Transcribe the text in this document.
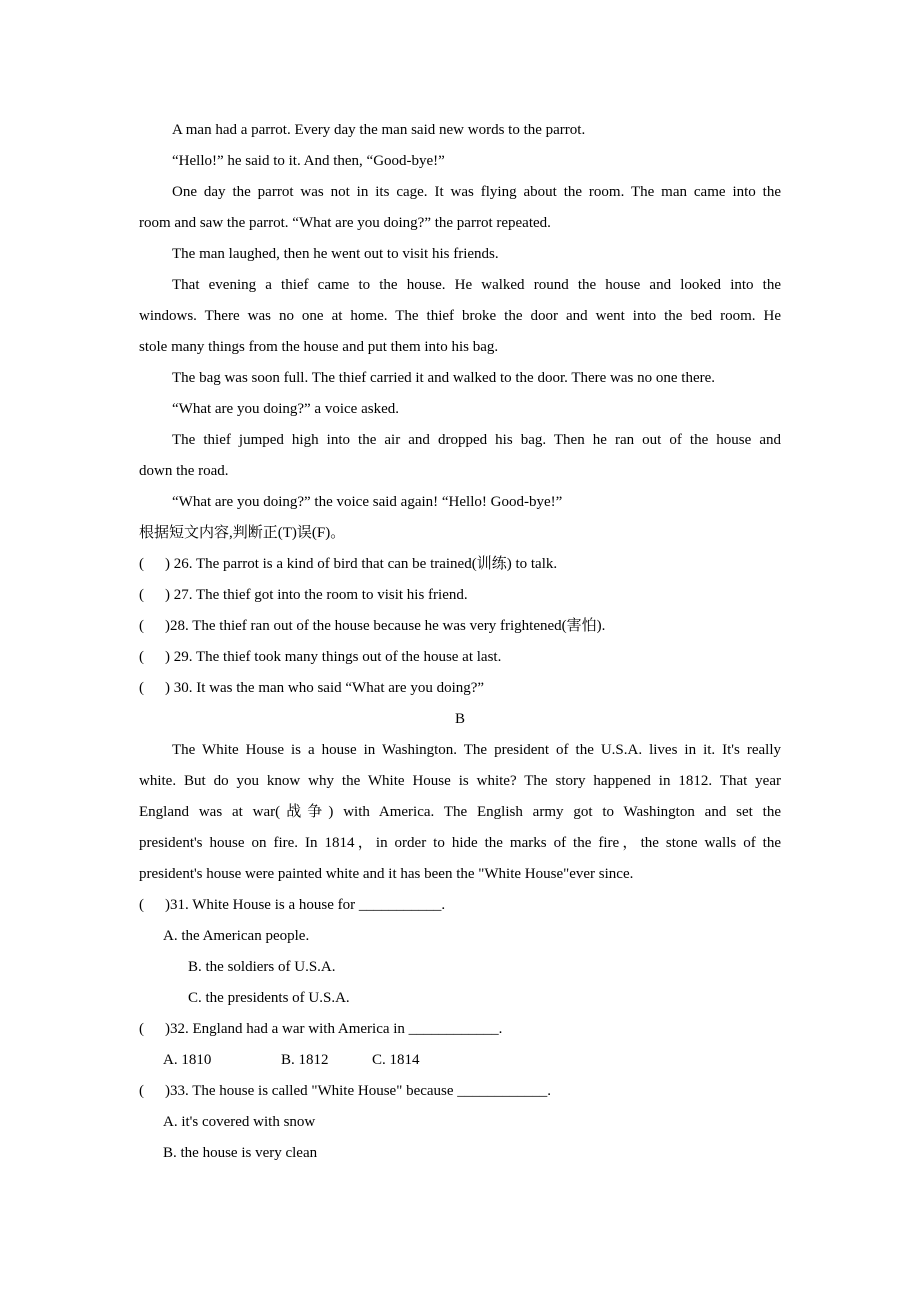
A man had a parrot. Every day the man said new words to the parrot.
“Hello!” he said to it. And then, “Good-bye!”
One day the parrot was not in its cage. It was flying about the room. The man came into the
room and saw the parrot. “What are you doing?” the parrot repeated.
The man laughed, then he went out to visit his friends.
That evening a thief came to the house. He walked round the house and looked into the
windows. There was no one at home. The thief broke the door and went into the bed room. He
stole many things from the house and put them into his bag.
The bag was soon full. The thief carried it and walked to the door. There was no one there.
“What are you doing?” a voice asked.
The thief jumped high into the air and dropped his bag. Then he ran out of the house and
down the road.
“What are you doing?” the voice said again! “Hello! Good-bye!”
根据短文内容,判断正(T)误(F)。
( ) 26. The parrot is a kind of bird that can be trained(训练) to talk.
( ) 27. The thief got into the room to visit his friend.
( )28. The thief ran out of the house because he was very frightened(害怕).
( ) 29. The thief took many things out of the house at last.
( ) 30. It was the man who said “What are you doing?”
B
The White House is a house in Washington. The president of the U.S.A. lives in it. It's really
white. But do you know why the White House is white? The story happened in 1812. That year
England was at war(战争) with America. The English army got to Washington and set the
president's house on fire. In 1814，in order to hide the marks of the fire，the stone walls of the
president's house were painted white and it has been the "White House"ever since.
( )31. White House is a house for ___________.
A. the American people.
B. the soldiers of U.S.A.
C. the presidents of U.S.A.
( )32. England had a war with America in ____________.
A. 1810	B. 1812	C. 1814
( )33. The house is called "White House" because ____________.
A. it's covered with snow
B. the house is very clean
